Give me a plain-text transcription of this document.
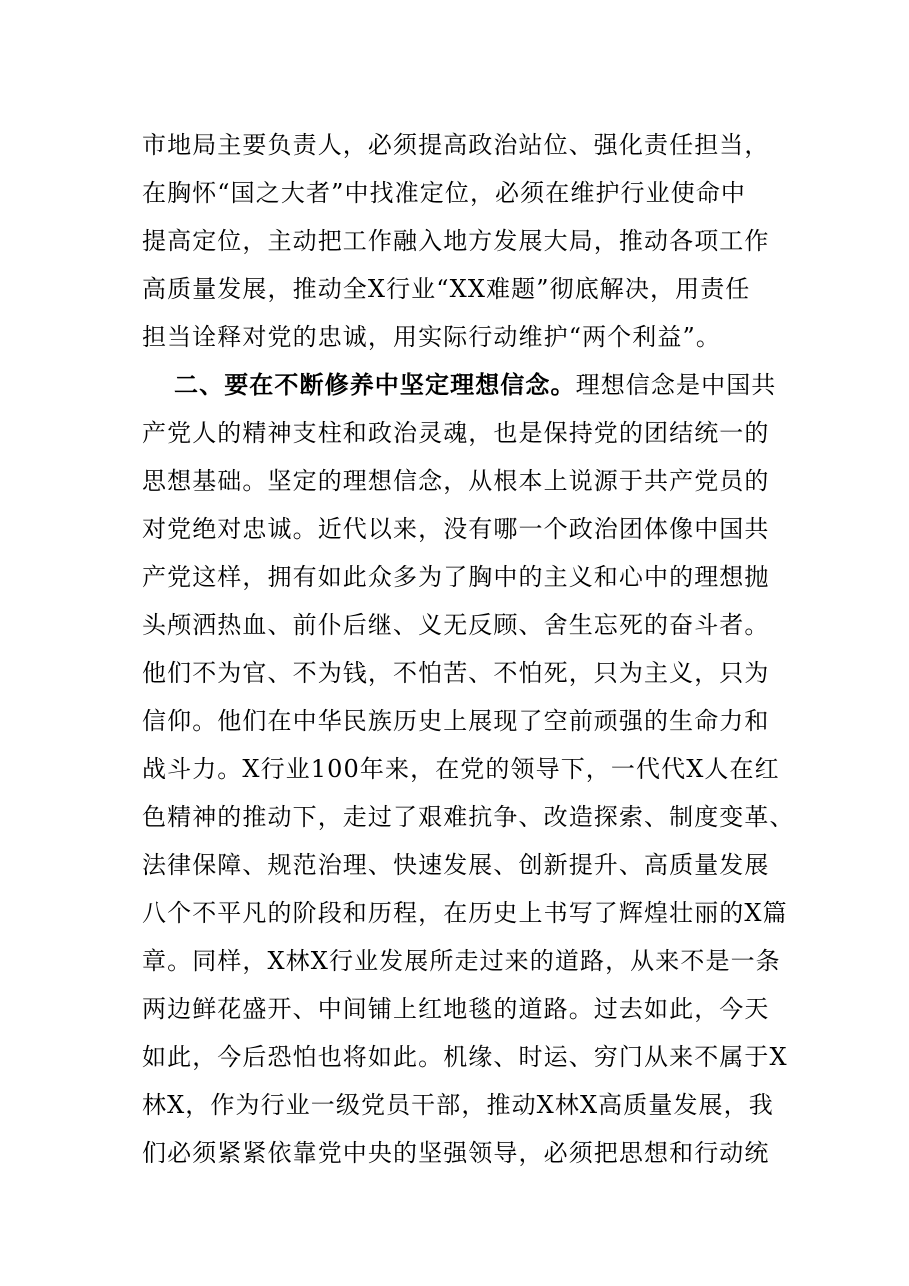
市地局主要负责人，必须提高政治站位、强化责任担当，
在胸怀“国之大者”中找准定位，必须在维护行业使命中
提高定位，主动把工作融入地方发展大局，推动各项工作
高质量发展，推动全X行业“XX难题”彻底解决，用责任
担当诠释对党的忠诚，用实际行动维护“两个利益”。
二、要在不断修养中坚定理想信念。理想信念是中国共
产党人的精神支柱和政治灵魂，也是保持党的团结统一的
思想基础。坚定的理想信念，从根本上说源于共产党员的
对党绝对忠诚。近代以来，没有哪一个政治团体像中国共
产党这样，拥有如此众多为了胸中的主义和心中的理想抛
头颅洒热血、前仆后继、义无反顾、舍生忘死的奋斗者。
他们不为官、不为钱，不怕苦、不怕死，只为主义，只为
信仰。他们在中华民族历史上展现了空前顽强的生命力和
战斗力。X行业100年来，在党的领导下，一代代X人在红
色精神的推动下，走过了艰难抗争、改造探索、制度变革、
法律保障、规范治理、快速发展、创新提升、高质量发展
八个不平凡的阶段和历程，在历史上书写了辉煌壮丽的X篇
章。同样，X林X行业发展所走过来的道路，从来不是一条
两边鲜花盛开、中间铺上红地毯的道路。过去如此，今天
如此，今后恐怕也将如此。机缘、时运、穷门从来不属于X
林X，作为行业一级党员干部，推动X林X高质量发展，我
们必须紧紧依靠党中央的坚强领导，必须把思想和行动统
